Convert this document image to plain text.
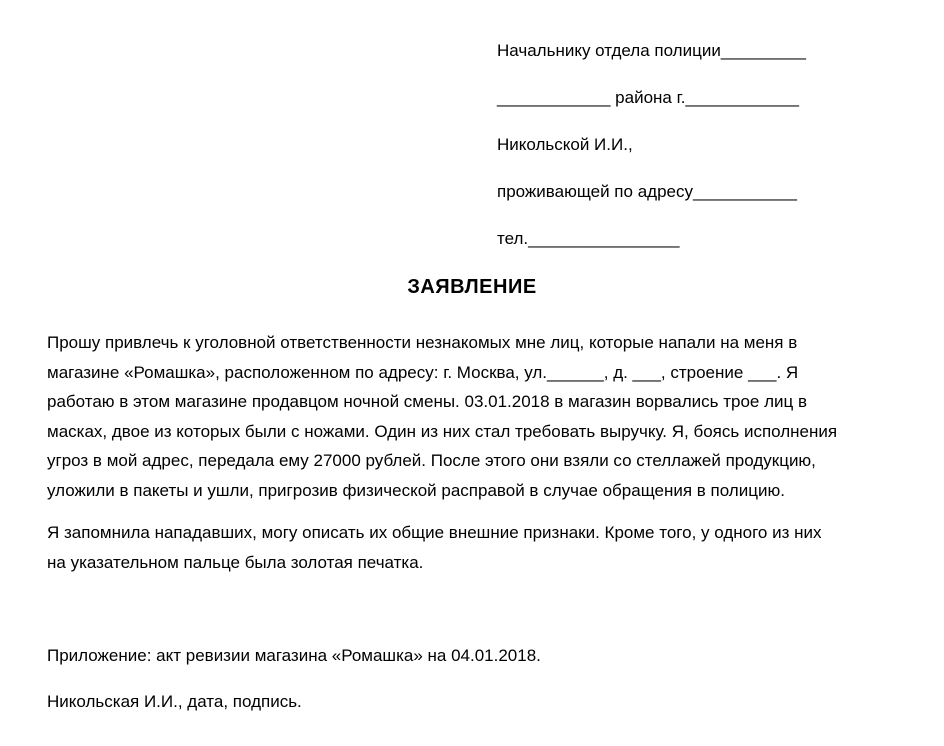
Начальнику отдела полиции_________
____________ района г.____________
Никольской И.И.,
проживающей по адресу___________
тел.________________
ЗАЯВЛЕНИЕ
Прошу привлечь к уголовной ответственности незнакомых мне лиц, которые напали на меня в
магазине «Ромашка», расположенном по адресу: г. Москва, ул.______, д. ___, строение ___. Я
работаю в этом магазине продавцом ночной смены. 03.01.2018 в магазин ворвались трое лиц в
масках, двое из которых были с ножами. Один из них стал требовать выручку. Я, боясь исполнения
угроз в мой адрес, передала ему 27000 рублей. После этого они взяли со стеллажей продукцию,
уложили в пакеты и ушли, пригрозив физической расправой в случае обращения в полицию.
Я запомнила нападавших, могу описать их общие внешние признаки. Кроме того, у одного из них
на указательном пальце была золотая печатка.
Приложение: акт ревизии магазина «Ромашка» на 04.01.2018.
Никольская И.И., дата, подпись.
